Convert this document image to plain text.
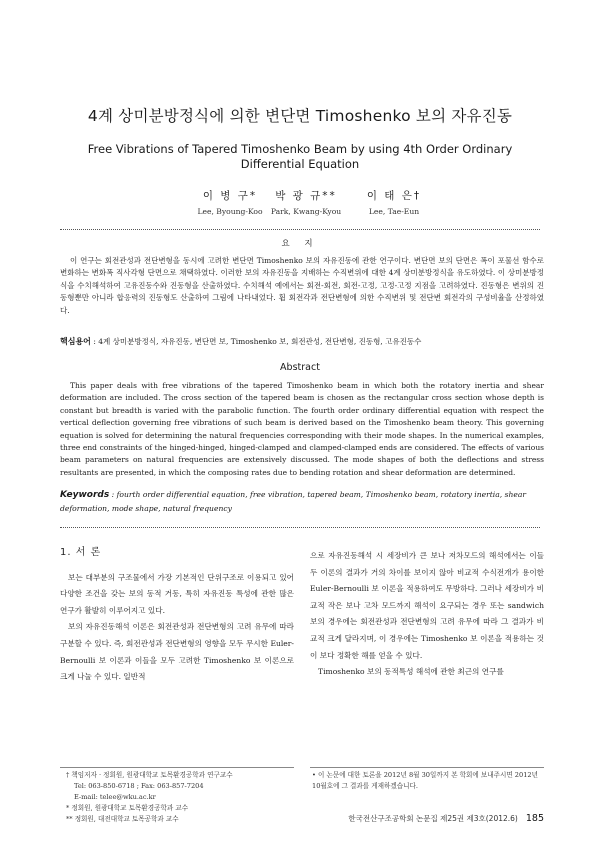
4계 상미분방정식에 의한 변단면 Timoshenko 보의 자유진동
Free Vibrations of Tapered Timoshenko Beam by using 4th Order Ordinary Differential Equation
이 병 구*
Lee, Byoung-Koo
박 광 규**
Park, Kwang-Kyou
이 태 은†
Lee, Tae-Eun
요 지
이 연구는 회전관성과 전단변형을 동시에 고려한 변단면 Timoshenko 보의 자유진동에 관한 연구이다. 변단면 보의 단면은 폭이 포물선 함수로 변화하는 변화폭 직사각형 단면으로 채택하였다. 이러한 보의 자유진동을 지배하는 수직변위에 대한 4계 상미분방정식을 유도하였다. 이 상미분방정식을 수치해석하여 고유진동수와 진동형을 산출하였다. 수치해석 예에서는 회전-회전, 회전-고정, 고정-고정 지점을 고려하였다. 진동형은 변위의 진동형뿐만 아니라 합응력의 진동형도 산출하여 그림에 나타내었다. 휨 회전각과 전단변형에 의한 수직변위 및 전단변 회전각의 구성비율을 산정하였다.
핵심용어 : 4계 상미분방정식, 자유진동, 변단면 보, Timoshenko 보, 회전관성, 전단변형, 진동형, 고유진동수
Abstract
This paper deals with free vibrations of the tapered Timoshenko beam in which both the rotatory inertia and shear deformation are included. The cross section of the tapered beam is chosen as the rectangular cross section whose depth is constant but breadth is varied with the parabolic function. The fourth order ordinary differential equation with respect the vertical deflection governing free vibrations of such beam is derived based on the Timoshenko beam theory. This governing equation is solved for determining the natural frequencies corresponding with their mode shapes. In the numerical examples, three end constraints of the hinged-hinged, hinged-clamped and clamped-clamped ends are considered. The effects of various beam parameters on natural frequencies are extensively discussed. The mode shapes of both the deflections and stress resultants are presented, in which the composing rates due to bending rotation and shear deformation are determined.
Keywords : fourth order differential equation, free vibration, tapered beam, Timoshenko beam, rotatory inertia, shear deformation, mode shape, natural frequency
1. 서 론

보는 대부분의 구조물에서 가장 기본적인 단위구조로 이용되고 있어 다양한 조건을 갖는 보의 동적 거동, 특히 자유진동 특성에 관한 많은 연구가 활발히 이루어지고 있다.

보의 자유진동해석 이론은 회전관성과 전단변형의 고려 유무에 따라 구분할 수 있다. 즉, 회전관성과 전단변형의 영향을 모두 무시한 Euler-Bernoulli 보 이론과 이들을 모두 고려한 Timoshenko 보 이론으로 크게 나눌 수 있다. 일반적

으로 자유진동해석 시 세장비가 큰 보나 저차모드의 해석에서는 이들 두 이론의 결과가 거의 차이를 보이지 않아 비교적 수식전개가 용이한 Euler-Bernoulli 보 이론을 적용하여도 무방하다. 그러나 세장비가 비교적 작은 보나 고차 모드까지 해석이 요구되는 경우 또는 sandwich 보의 경우에는 회전관성과 전단변형의 고려 유무에 따라 그 결과가 비교적 크게 달라지며, 이 경우에는 Timoshenko 보 이론을 적용하는 것이 보다 정확한 해를 얻을 수 있다.

Timoshenko 보의 동적특성 해석에 관한 최근의 연구를

† 책임저자 · 정회원, 원광대학교 토목환경공학과 연구교수
Tel: 063-850-6718 ; Fax: 063-857-7204
E-mail: telee@wku.ac.kr
* 정회원, 원광대학교 토목환경공학과 교수
** 정회원, 대전대학교 토목공학과 교수
• 이 논문에 대한 토론을 2012년 8월 30일까지 본 학회에 보내주시면 2012년 10월호에 그 결과를 게재하겠습니다.
한국전산구조공학회 논문집 제25권 제3호(2012.6) 185
